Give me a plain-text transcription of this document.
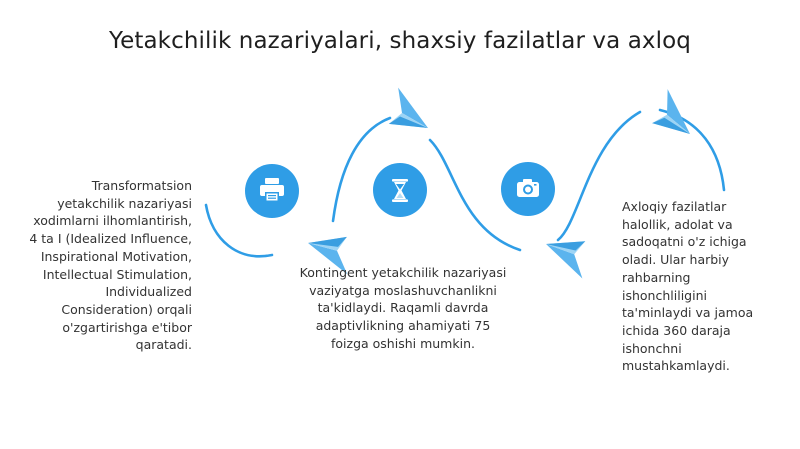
Yetakchilik nazariyalari, shaxsiy fazilatlar va axloq
Transformatsion yetakchilik nazariyasi xodimlarni ilhomlantirish, 4 ta I (Idealized Influence, Inspirational Motivation, Intellectual Stimulation, Individualized Consideration) orqali o'zgartirishga e'tibor qaratadi.
Kontingent yetakchilik nazariyasi vaziyatga moslashuvchanlikni ta'kidlaydi. Raqamli davrda adaptivlikning ahamiyati 75 foizga oshishi mumkin.
Axloqiy fazilatlar halollik, adolat va sadoqatni o'z ichiga oladi. Ular harbiy rahbarning ishonchliligini ta'minlaydi va jamoa ichida 360 daraja ishonchni mustahkamlaydi.
